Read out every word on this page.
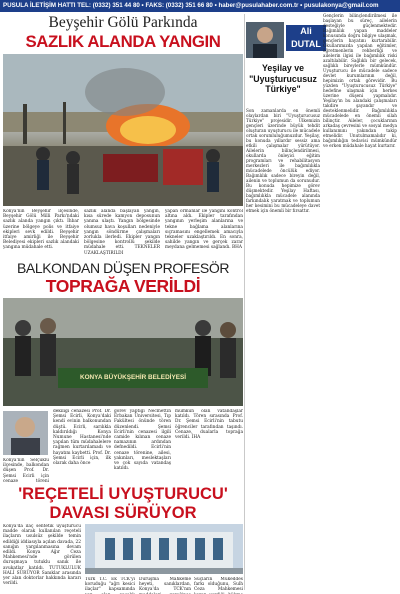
PUSULA İLETİŞİM HATTI TEL: (0332) 351 44 80 • FAKS: (0332) 351 66 80 • haber@pusulahaber.com.tr • pusulakonya@gmail.com
Beyşehir Gölü Parkında
SAZLIK ALANDA YANGIN
Konya'nın Beyşehir ilçesinde, Beyşehir Gölü Milli Parkı'ndaki sazlık alanda yangın çıktı. İhbar üzerine bölgeye polis ve itfaiye ekipleri sevk edildi. Beyşehir itfaiye amirliği ile Beyşehir Belediyesi ekipleri sazlık alandaki yangına müdahale etti.
sazlık alanda başlayan yangın, kısa sürede kamyon deposunun yanına ulaştı. Yangın bölgesinde olumsuz hava koşulları nedeniyle yangın söndürme çalışmaları zorlukla ilerledi. Ekipler yangın bölgesine kontrollü şekilde müdahale etti. TEKNELER UZAKLAŞTIRILDI
yapan ormanlar ile yangını kontrol altına aldı. Ekipler tarafından yangının yerleşim alanlarına ve tekne bağlama alanlarına sıçramasını engellemek amacıyla tekneler uzaklaştırıldı. En sonra, sahilde yangın ve gerçek zarar meydana gelmemesi sağlandı. BHA
BALKONDAN DÜŞEN PROFESÖR
TOPRAĞA VERİLDİ
KONYA BÜYÜKŞEHİR BELEDİYESİ
Konya'nın Selçuklu ilçesinde, balkondan düşen Prof. Dr. Şemsi Ecirli için cenaze töreni
dekiliği cenazesi Prof. Dr. Şemsi Ecirli, Konya'daki kendi evinin balkonundan düştü. Ecirli, sarılıkla kaldırıldığı Konya Numune Hastanesi'nde yapılan tüm müdahalelere rağmen kurtarılamadı ve hayatını kaybetti. Prof. Dr. Şemsi Ecirli için, ilk olarak daha önce
görev yaptığı Necmettin Erbakan Üniversitesi, Tıp Fakültesi önünde tören düzenlendi. Şemsi Ecirli'nin cenazesi ilgili camide kılınan cenaze namazının ardından defnedildi. Ecirli'nin cenaze törenine, ailesi, yakınları, meslektaşları ve çok sayıda vatandaş katıldı.
mümkün olan vatandaşlar katıldı. Tören sırasında Prof. Dr. Şemsi Ecirli'nin tabutu öğrenciler tarafından taşındı. Cenaze, dualarla toprağa verildi. İHA
'REÇETELİ UYUŞTURUCU'
DAVASI SÜRÜYOR
Konya'da ilaç sentetik uyuşturucu madde olarak kullanılan reçeteli ilaçların usulsüz şekilde temin edildiği iddiasıyla açılan davada, 22 sanığın yargılanmasına devam edildi. Konya Ağır Ceza Mahkemesi'nde görülen duruşmaya tutuklu sanık ile avukatlar katıldı. TUTUKLULUK HALİ SÜRÜYOR Sanıklar arasında yer alan doktorlar hakkında kararı verildi.
Türk T.C. Ek TCK'yı koruduğu "ağrı kesici ilaçlar" kapsamında
Duruşma Mahkeme heyeti, sanıklardan, Konya'da TCK'nın
Suçların Mükeddes farkı olduğunu, Sulh Ceza Mahkemesi
Ali DUTAL
Yeşilay ve "Uyuşturucusuz Türkiye"
Son zamanlarda en önemli olaylardan biri "Uyuşturucusuz Türkiye" projesidir. Ülkemizin gençleri üzerinde büyük tehdit oluşturan uyuşturucu ile mücadele ortak sorumluluğumuzdur. Yeşilay, bu konuda yıllardır sessiz ama etkili çalışmalar yürütüyor. Ailelerin bilinçlendirilmesi, okullarda önleyici eğitim programları ve rehabilitasyon merkezleri ile bağımlılıkla mücadelede öncülük ediyor. Bağımlılık sadece bireyin değil, ailenin ve toplumun da sorunudur. Bu konuda hepimize görev düşmektedir. Yeşilay Haftası, bağımlılıkla mücadele alanında farkındalık yaratmak ve toplumun her kesimini bu mücadeleye davet etmek için önemli bir fırsattır.
Gençlerin bilinçlendirilmesi ile başlayan bu süreç, ailelerin desteğiyle güçlenmektedir. Bağımlılık yapan maddeler konusunda doğru bilgiye ulaşmak, gençlerin hayatını kurtarabilir. Okullarımızda yapılan eğitimler, öğretmenlerin rehberliği ve ailelerin ilgisi ile bağımlılık riski azaltılabilir. Sağlıklı bir gelecek, sağlıklı bireylerle mümkündür. Uyuşturucu ile mücadele sadece devlet kurumlarının değil, hepimizin ortak görevidir. Bu yüzden "Uyuşturucusuz Türkiye" hedefine ulaşmak için herkes üzerine düşeni yapmalıdır. Yeşilay'ın bu alandaki çalışmaları takdire şayandır ve desteklenmelidir. Bağımlılıkla mücadelede en önemli silah bilinçtir. Aileler, çocuklarının arkadaş çevresini ve sosyal medya kullanımını yakından takip etmelidir. Unutulmamalıdır ki, bağımlılığın tedavisi mümkündür ve erken müdahale hayat kurtarır.
